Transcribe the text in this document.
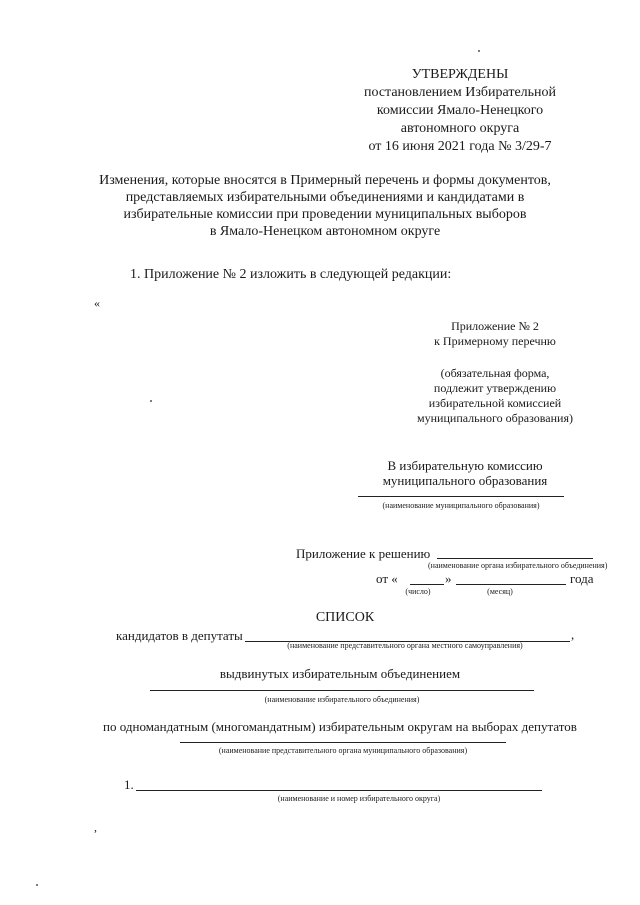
УТВЕРЖДЕНЫ
постановлением Избирательной
комиссии Ямало-Ненецкого
автономного округа
от 16 июня 2021 года № 3/29-7
Изменения, которые вносятся в Примерный перечень и формы документов,
представляемых избирательными объединениями и кандидатами в
избирательные комиссии при проведении муниципальных выборов
в Ямало-Ненецком автономном округе
1. Приложение № 2 изложить в следующей редакции:
«
Приложение № 2
к Примерному перечню
(обязательная форма,
подлежит утверждению
избирательной комиссией
муниципального образования)
В избирательную комиссию
муниципального образования
(наименование муниципального образования)
Приложение к решению
(наименование органа избирательного объединения)
от «	»	года
(число)	(месяц)
СПИСОК
кандидатов в депутаты	,
(наименование представительного органа местного самоуправления)
выдвинутых избирательным объединением
(наименование избирательного объединения)
по одномандатным (многомандатным) избирательным округам на выборах депутатов
(наименование представительного органа муниципального образования)
1.
(наименование и номер избирательного округа)
,
